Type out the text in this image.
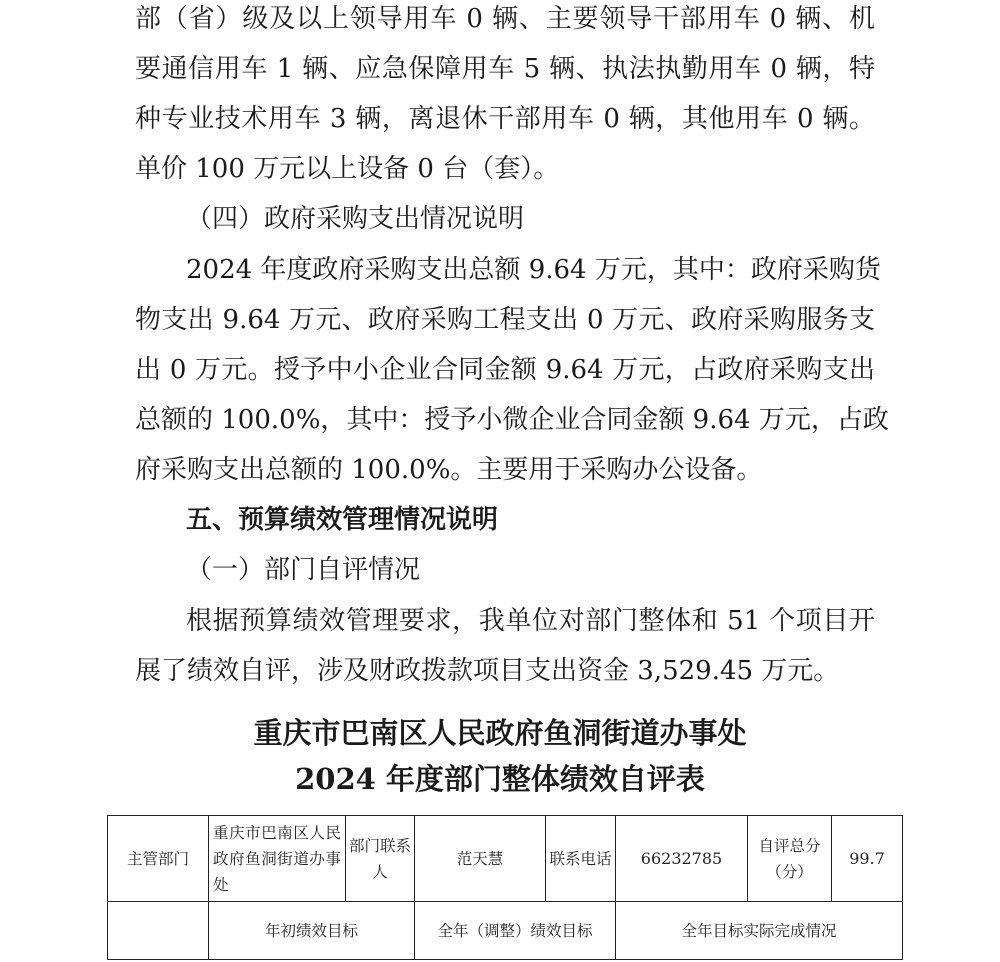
部（省）级及以上领导用车 0 辆、主要领导干部用车 0 辆、机
要通信用车 1 辆、应急保障用车 5 辆、执法执勤用车 0 辆，特
种专业技术用车 3 辆，离退休干部用车 0 辆，其他用车 0 辆。
单价 100 万元以上设备 0 台（套）。
（四）政府采购支出情况说明
2024 年度政府采购支出总额 9.64 万元，其中：政府采购货
物支出 9.64 万元、政府采购工程支出 0 万元、政府采购服务支
出 0 万元。授予中小企业合同金额 9.64 万元，占政府采购支出
总额的 100.0%，其中：授予小微企业合同金额 9.64 万元，占政
府采购支出总额的 100.0%。主要用于采购办公设备。
五、预算绩效管理情况说明
（一）部门自评情况
根据预算绩效管理要求，我单位对部门整体和 51 个项目开
展了绩效自评，涉及财政拨款项目支出资金 3,529.45 万元。
重庆市巴南区人民政府鱼洞街道办事处
2024 年度部门整体绩效自评表
主管部门	重庆市巴南区人民政府鱼洞街道办事处	部门联系人	范天慧	联系电话	66232785	自评总分（分）	99.7
	年初绩效目标		全年（调整）绩效目标		全年目标实际完成情况		
